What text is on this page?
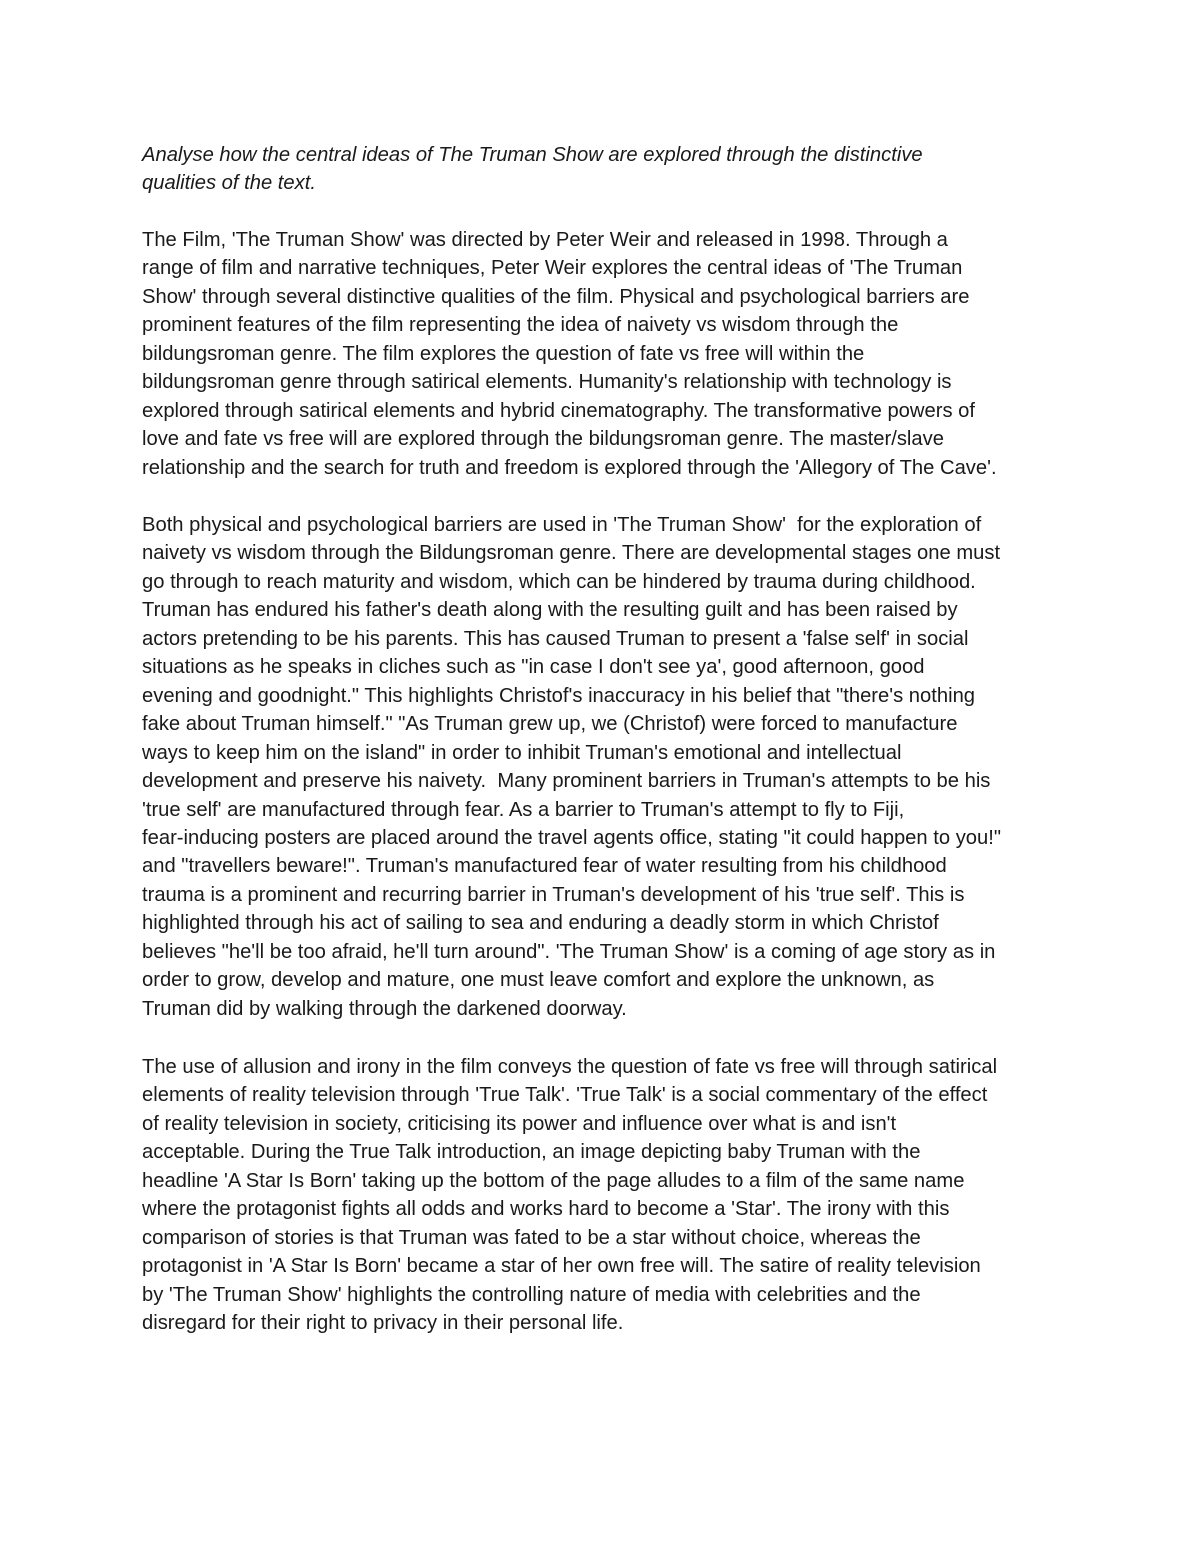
Analyse how the central ideas of The Truman Show are explored through the distinctive
qualities of the text.
The Film, 'The Truman Show' was directed by Peter Weir and released in 1998. Through a
range of film and narrative techniques, Peter Weir explores the central ideas of 'The Truman
Show' through several distinctive qualities of the film. Physical and psychological barriers are
prominent features of the film representing the idea of naivety vs wisdom through the
bildungsroman genre. The film explores the question of fate vs free will within the
bildungsroman genre through satirical elements. Humanity's relationship with technology is
explored through satirical elements and hybrid cinematography. The transformative powers of
love and fate vs free will are explored through the bildungsroman genre. The master/slave
relationship and the search for truth and freedom is explored through the 'Allegory of The Cave'.
Both physical and psychological barriers are used in 'The Truman Show'  for the exploration of
naivety vs wisdom through the Bildungsroman genre. There are developmental stages one must
go through to reach maturity and wisdom, which can be hindered by trauma during childhood.
Truman has endured his father's death along with the resulting guilt and has been raised by
actors pretending to be his parents. This has caused Truman to present a 'false self' in social
situations as he speaks in cliches such as "in case I don't see ya', good afternoon, good
evening and goodnight." This highlights Christof's inaccuracy in his belief that "there's nothing
fake about Truman himself." "As Truman grew up, we (Christof) were forced to manufacture
ways to keep him on the island" in order to inhibit Truman's emotional and intellectual
development and preserve his naivety.  Many prominent barriers in Truman's attempts to be his
'true self' are manufactured through fear. As a barrier to Truman's attempt to fly to Fiji,
fear-inducing posters are placed around the travel agents office, stating "it could happen to you!"
and "travellers beware!". Truman's manufactured fear of water resulting from his childhood
trauma is a prominent and recurring barrier in Truman's development of his 'true self'. This is
highlighted through his act of sailing to sea and enduring a deadly storm in which Christof
believes "he'll be too afraid, he'll turn around". 'The Truman Show' is a coming of age story as in
order to grow, develop and mature, one must leave comfort and explore the unknown, as
Truman did by walking through the darkened doorway.
The use of allusion and irony in the film conveys the question of fate vs free will through satirical
elements of reality television through 'True Talk'. 'True Talk' is a social commentary of the effect
of reality television in society, criticising its power and influence over what is and isn't
acceptable. During the True Talk introduction, an image depicting baby Truman with the
headline 'A Star Is Born' taking up the bottom of the page alludes to a film of the same name
where the protagonist fights all odds and works hard to become a 'Star'. The irony with this
comparison of stories is that Truman was fated to be a star without choice, whereas the
protagonist in 'A Star Is Born' became a star of her own free will. The satire of reality television
by 'The Truman Show' highlights the controlling nature of media with celebrities and the
disregard for their right to privacy in their personal life.
